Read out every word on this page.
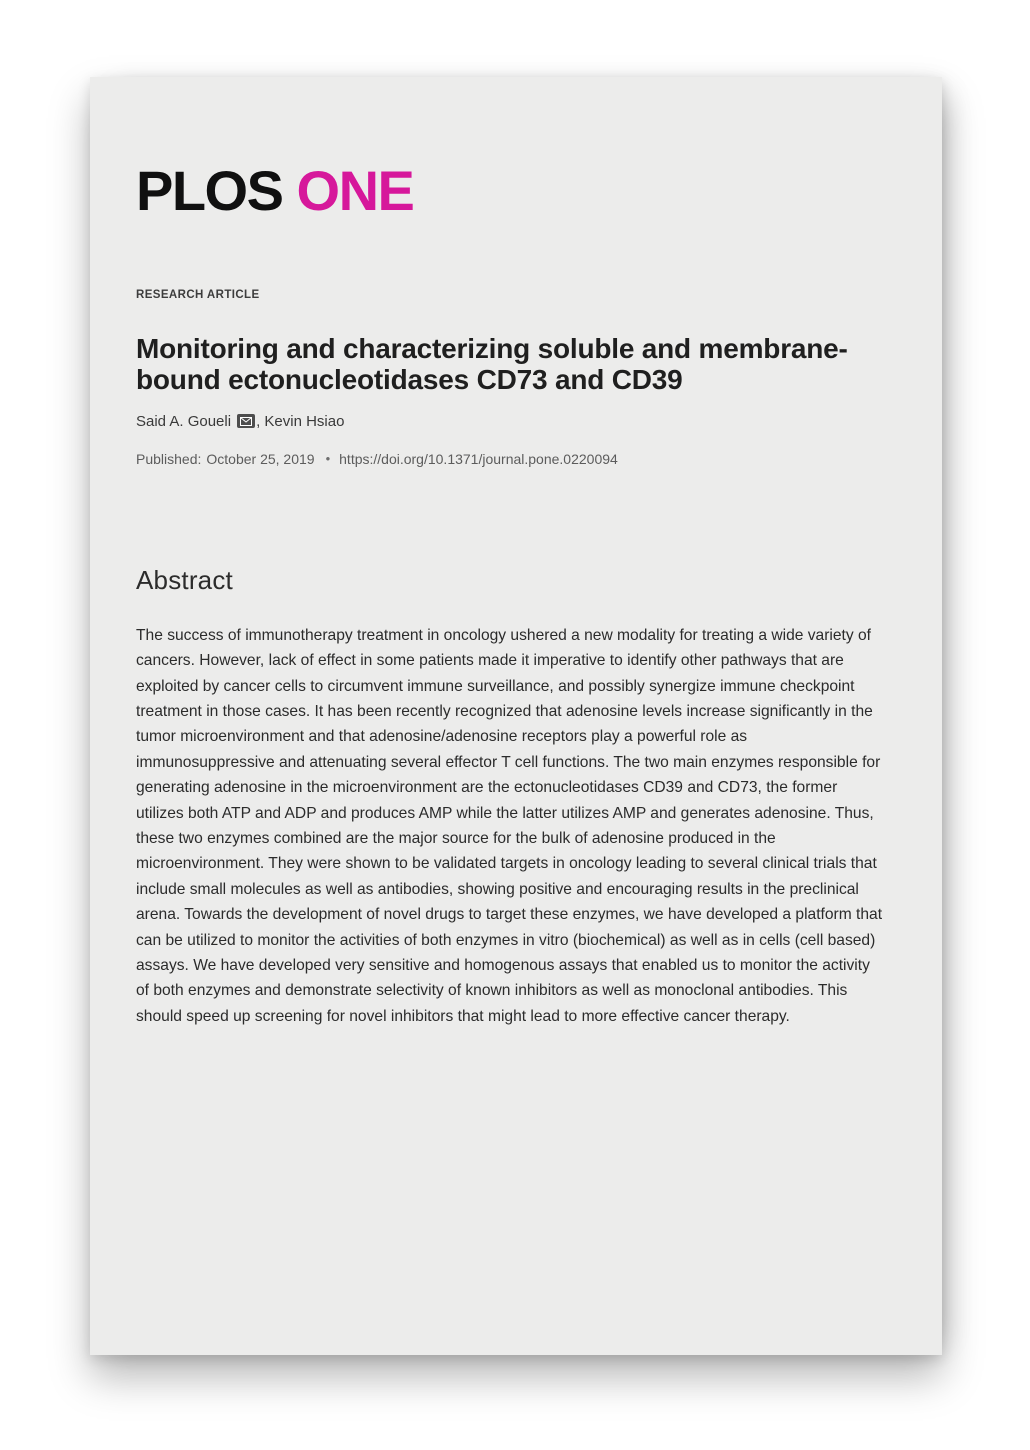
PLOS ONE
RESEARCH ARTICLE
Monitoring and characterizing soluble and membrane-bound ectonucleotidases CD73 and CD39
Said A. Goueli , Kevin Hsiao
Published: October 25, 2019 • https://doi.org/10.1371/journal.pone.0220094
Abstract

The success of immunotherapy treatment in oncology ushered a new modality for treating a wide variety of cancers. However, lack of effect in some patients made it imperative to identify other pathways that are exploited by cancer cells to circumvent immune surveillance, and possibly synergize immune checkpoint treatment in those cases. It has been recently recognized that adenosine levels increase significantly in the tumor microenvironment and that adenosine/adenosine receptors play a powerful role as immunosuppressive and attenuating several effector T cell functions. The two main enzymes responsible for generating adenosine in the microenvironment are the ectonucleotidases CD39 and CD73, the former utilizes both ATP and ADP and produces AMP while the latter utilizes AMP and generates adenosine. Thus, these two enzymes combined are the major source for the bulk of adenosine produced in the microenvironment. They were shown to be validated targets in oncology leading to several clinical trials that include small molecules as well as antibodies, showing positive and encouraging results in the preclinical arena. Towards the development of novel drugs to target these enzymes, we have developed a platform that can be utilized to monitor the activities of both enzymes in vitro (biochemical) as well as in cells (cell based) assays. We have developed very sensitive and homogenous assays that enabled us to monitor the activity of both enzymes and demonstrate selectivity of known inhibitors as well as monoclonal antibodies. This should speed up screening for novel inhibitors that might lead to more effective cancer therapy.
